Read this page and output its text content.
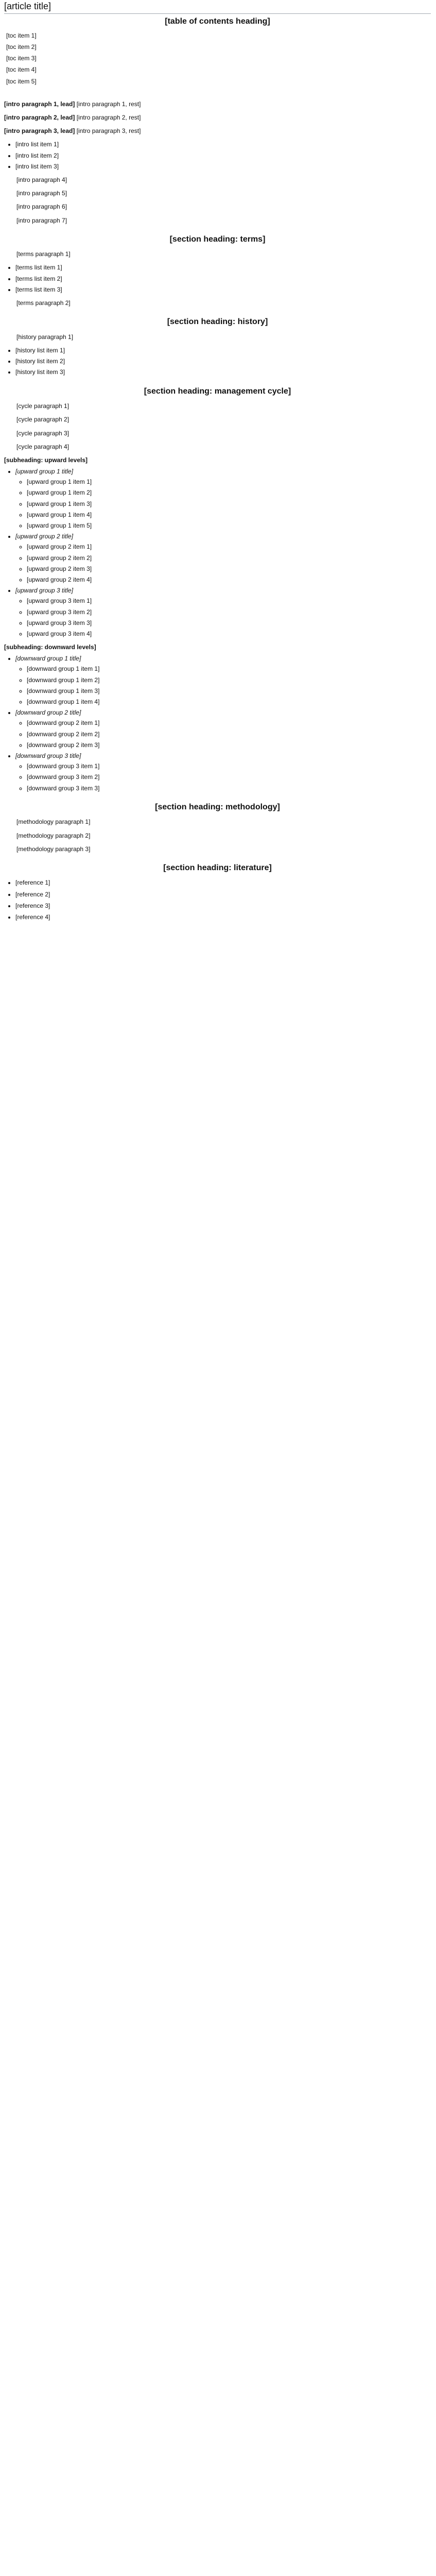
[article title]
[table of contents heading]
[toc item 1]
[toc item 2]
[toc item 3]
[toc item 4]
[toc item 5]

[intro paragraph 1, lead] [intro paragraph 1, rest]

[intro paragraph 2, lead] [intro paragraph 2, rest]

[intro paragraph 3, lead] [intro paragraph 3, rest]

• [intro list item 1]
• [intro list item 2]
• [intro list item 3]

[intro paragraph 4]

[intro paragraph 5]

[intro paragraph 6]

[intro paragraph 7]

[section heading: terms]

[terms paragraph 1]

• [terms list item 1]
• [terms list item 2]
• [terms list item 3]

[terms paragraph 2]

[section heading: history]

[history paragraph 1]

• [history list item 1]
• [history list item 2]
• [history list item 3]
[section heading: management cycle]

[cycle paragraph 1]

[cycle paragraph 2]

[cycle paragraph 3]

[cycle paragraph 4]

[subheading: upward levels]
• [upward group 1 title]
◦ [upward group 1 item 1]
◦ [upward group 1 item 2]
◦ [upward group 1 item 3]
◦ [upward group 1 item 4]
◦ [upward group 1 item 5]
• [upward group 2 title]
◦ [upward group 2 item 1]
◦ [upward group 2 item 2]
◦ [upward group 2 item 3]
◦ [upward group 2 item 4]
• [upward group 3 title]
◦ [upward group 3 item 1]
◦ [upward group 3 item 2]
◦ [upward group 3 item 3]
◦ [upward group 3 item 4]
[subheading: downward levels]
• [downward group 1 title]
◦ [downward group 1 item 1]
◦ [downward group 1 item 2]
◦ [downward group 1 item 3]
◦ [downward group 1 item 4]
• [downward group 2 title]
◦ [downward group 2 item 1]
◦ [downward group 2 item 2]
◦ [downward group 2 item 3]
• [downward group 3 title]
◦ [downward group 3 item 1]
◦ [downward group 3 item 2]
◦ [downward group 3 item 3]
[section heading: methodology]

[methodology paragraph 1]

[methodology paragraph 2]

[methodology paragraph 3]

[section heading: literature]
• [reference 1]
• [reference 2]
• [reference 3]
• [reference 4]
